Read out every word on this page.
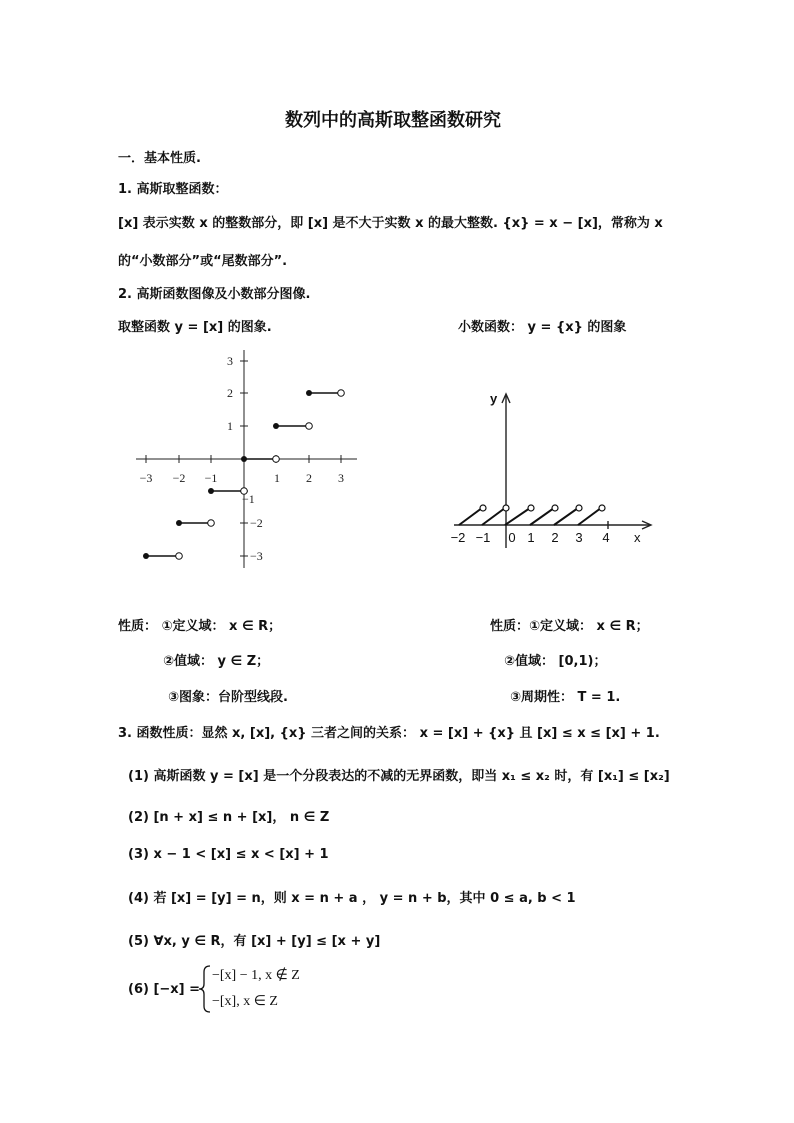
数列中的高斯取整函数研究
一．基本性质.
1. 高斯取整函数：
[x] 表示实数 x 的整数部分，即 [x] 是不大于实数 x 的最大整数. {x} = x − [x]，常称为 x
的“小数部分”或“尾数部分”.
2. 高斯函数图像及小数部分图像.
取整函数 y = [x] 的图象.	小数函数： y = {x} 的图象
−3 −2 −1	1 2 3
3
2
1
−1
−2
−3
y
x
−2 −1 0 1 2 3 4
性质： ①定义域： x ∈ R；
②值域： y ∈ Z；
③图象：台阶型线段.
性质：①定义域： x ∈ R；
②值域： [0,1)；
③周期性： T = 1.
3. 函数性质：显然 x, [x], {x} 三者之间的关系： x = [x] + {x} 且 [x] ≤ x ≤ [x] + 1.
(1) 高斯函数 y = [x] 是一个分段表达的不减的无界函数，即当 x₁ ≤ x₂ 时，有 [x₁] ≤ [x₂]
(2) [n + x] ≤ n + [x]， n ∈ Z
(3) x − 1 < [x] ≤ x < [x] + 1
(4) 若 [x] = [y] = n，则 x = n + a ， y = n + b，其中 0 ≤ a, b < 1
(5) ∀x, y ∈ R，有 [x] + [y] ≤ [x + y]
(6) [−x] =
−[x] − 1, x ∉ Z
−[x], x ∈ Z
